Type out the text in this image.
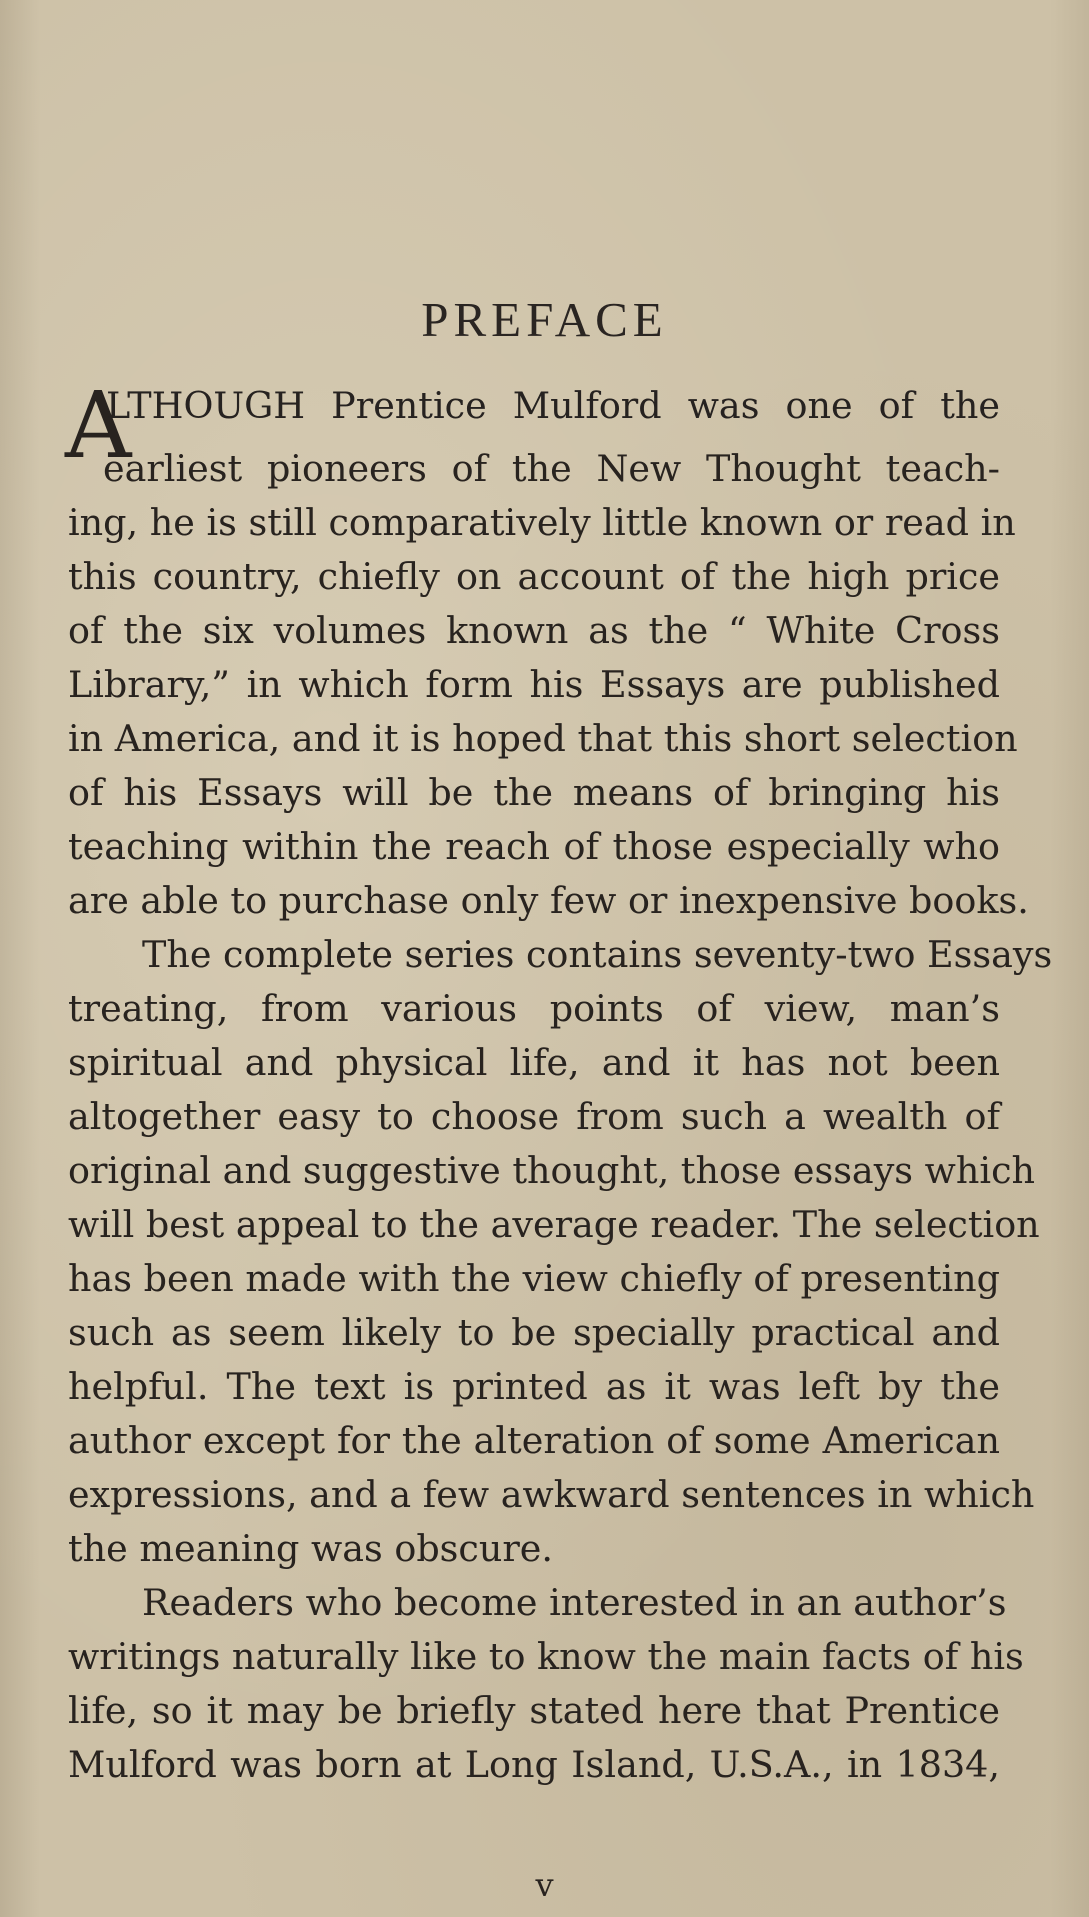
PREFACE
A
LTHOUGH Prentice Mulford was one of the
earliest pioneers of the New Thought teach-
ing, he is still comparatively little known or read in
this country, chiefly on account of the high price
of the six volumes known as the “ White Cross
Library,” in which form his Essays are published
in America, and it is hoped that this short selection
of his Essays will be the means of bringing his
teaching within the reach of those especially who
are able to purchase only few or inexpensive books.
The complete series contains seventy-two Essays
treating, from various points of view, man’s
spiritual and physical life, and it has not been
altogether easy to choose from such a wealth of
original and suggestive thought, those essays which
will best appeal to the average reader. The selection
has been made with the view chiefly of presenting
such as seem likely to be specially practical and
helpful. The text is printed as it was left by the
author except for the alteration of some American
expressions, and a few awkward sentences in which
the meaning was obscure.
Readers who become interested in an author’s
writings naturally like to know the main facts of his
life, so it may be briefly stated here that Prentice
Mulford was born at Long Island, U.S.A., in 1834,
v
